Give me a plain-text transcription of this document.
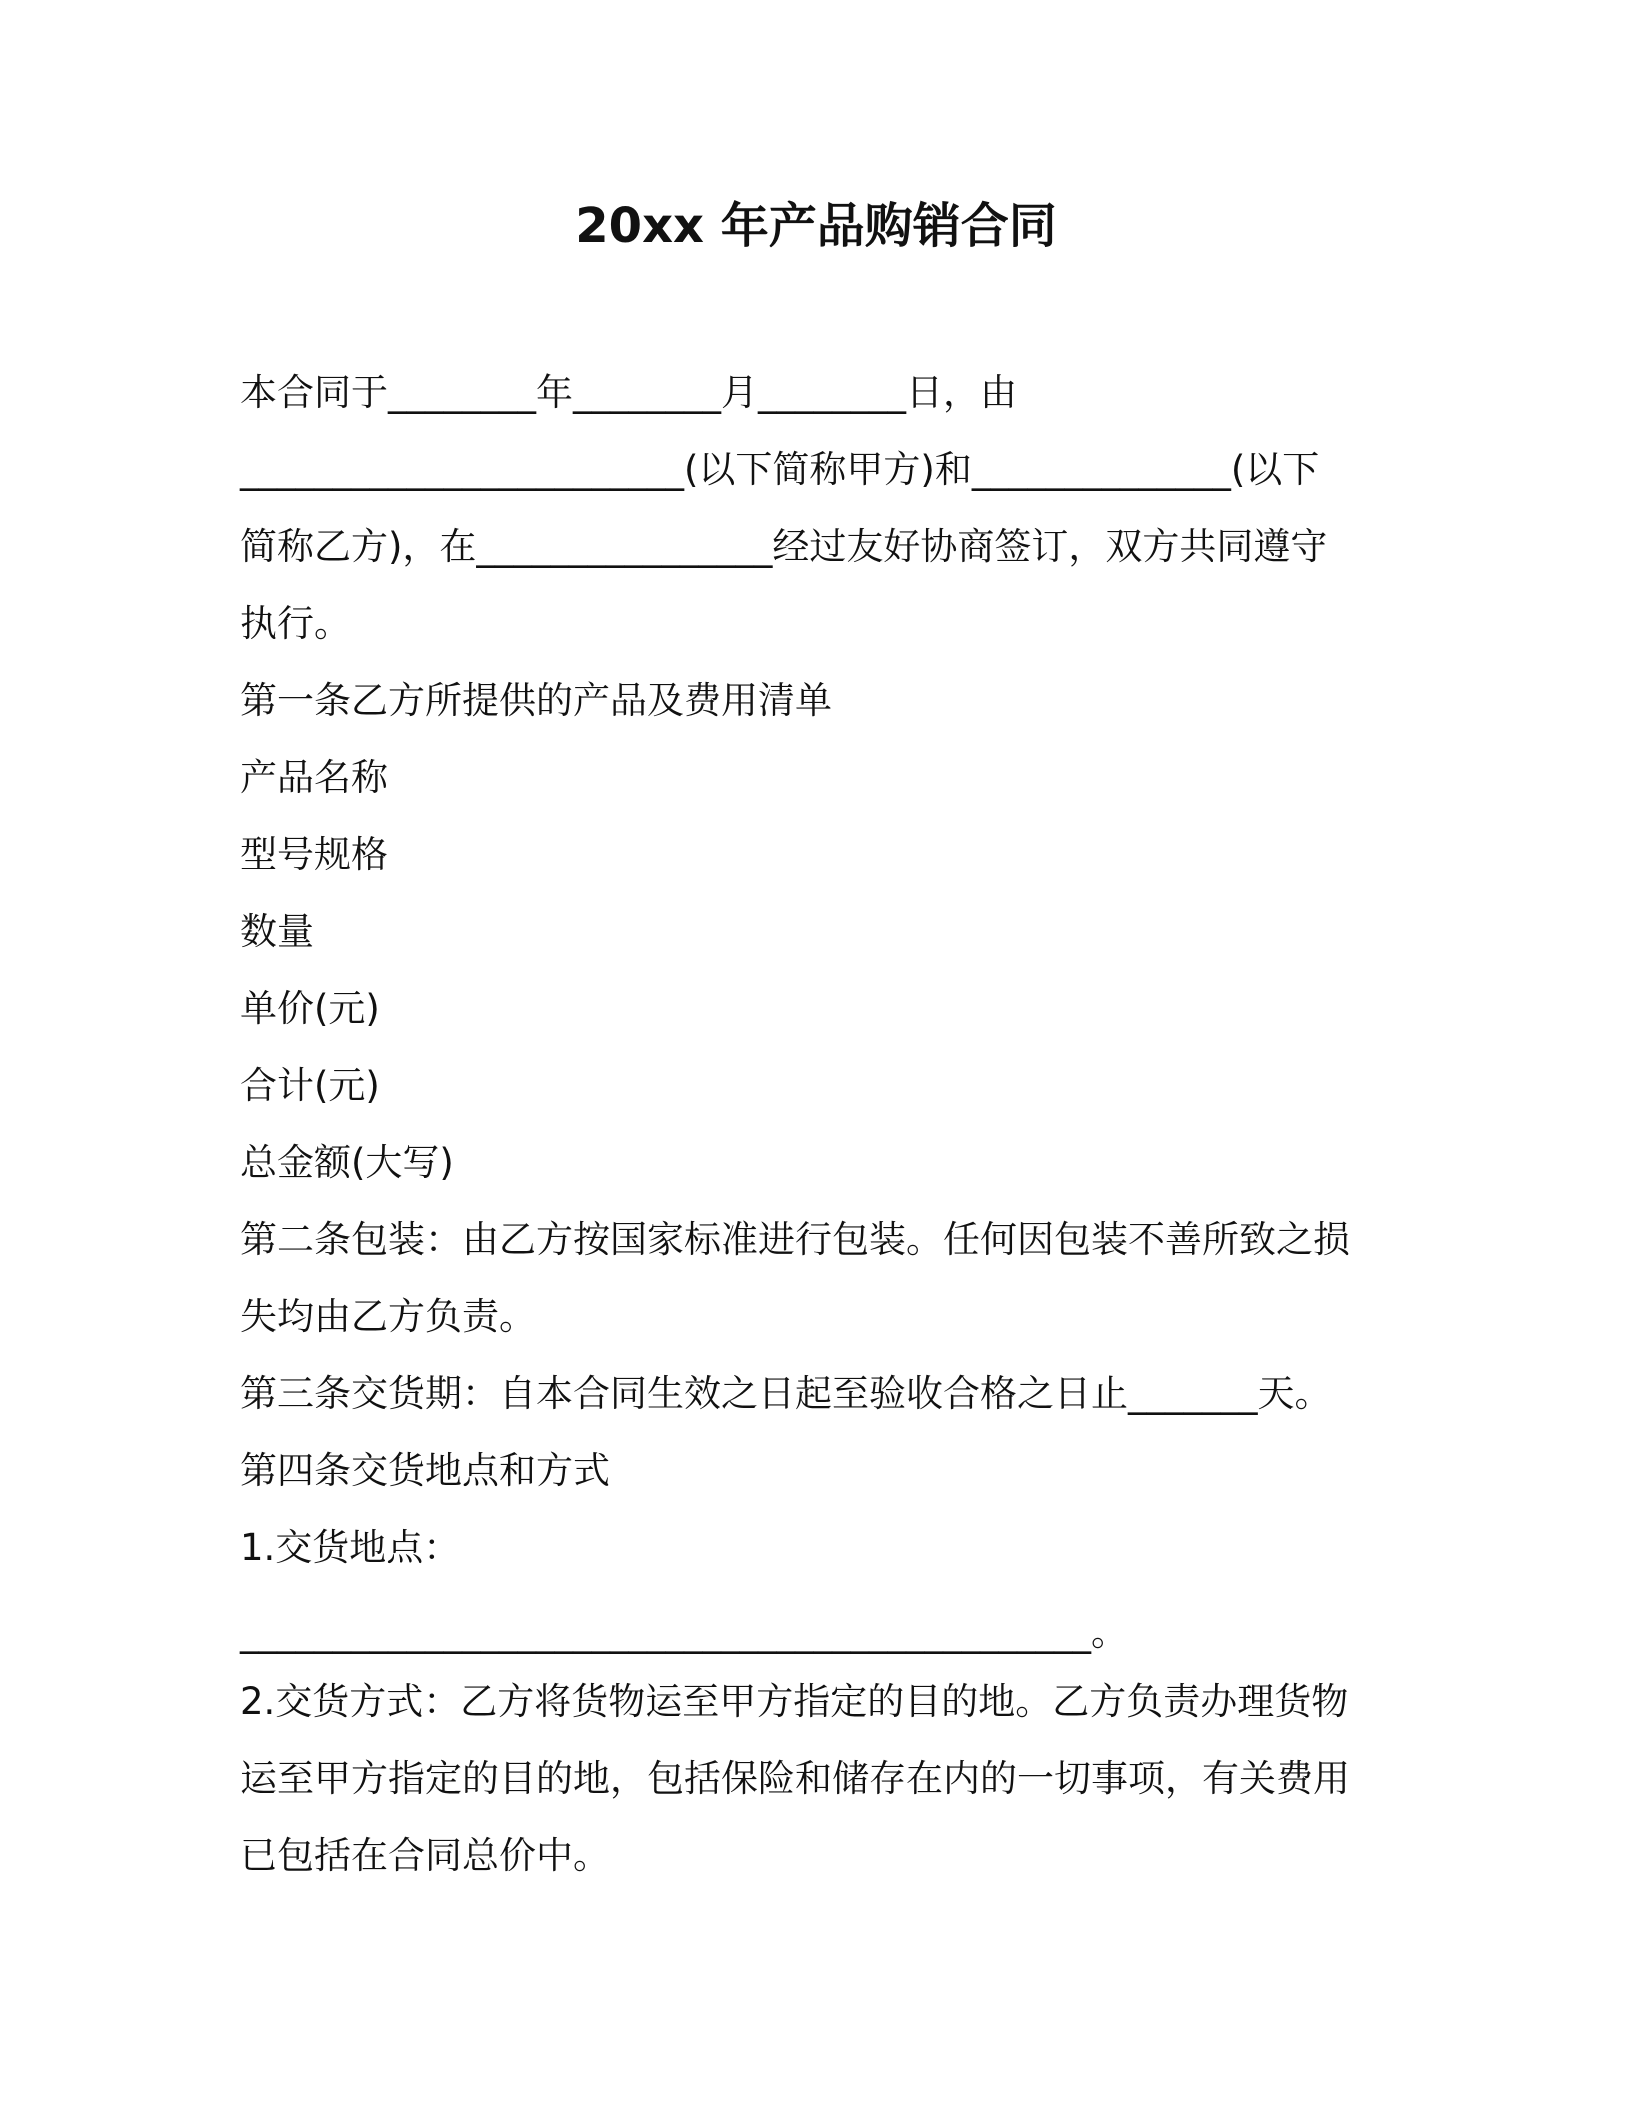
20xx 年产品购销合同
本合同于________年________月________日，由
________________________(以下简称甲方)和______________(以下
简称乙方)，在________________经过友好协商签订，双方共同遵守
执行。
第一条乙方所提供的产品及费用清单
产品名称
型号规格
数量
单价(元)
合计(元)
总金额(大写)
第二条包装：由乙方按国家标准进行包装。任何因包装不善所致之损
失均由乙方负责。
第三条交货期：自本合同生效之日起至验收合格之日止_______天。
第四条交货地点和方式
1.交货地点：
______________________________________________。
2.交货方式：乙方将货物运至甲方指定的目的地。乙方负责办理货物
运至甲方指定的目的地，包括保险和储存在内的一切事项，有关费用
已包括在合同总价中。
